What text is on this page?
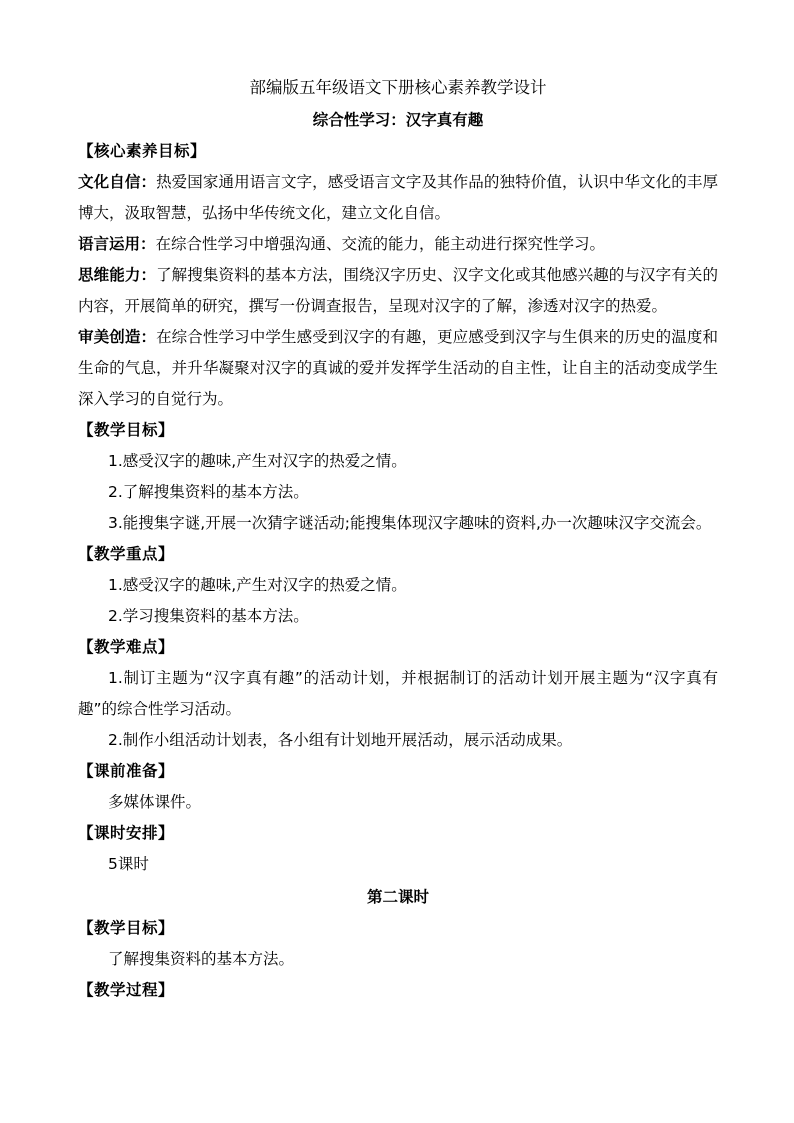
部编版五年级语文下册核心素养教学设计

综合性学习：汉字真有趣

【核心素养目标】

文化自信：热爱国家通用语言文字，感受语言文字及其作品的独特价值，认识中华文化的丰厚博大，汲取智慧，弘扬中华传统文化，建立文化自信。

语言运用：在综合性学习中增强沟通、交流的能力，能主动进行探究性学习。

思维能力：了解搜集资料的基本方法，围绕汉字历史、汉字文化或其他感兴趣的与汉字有关的内容，开展简单的研究，撰写一份调查报告，呈现对汉字的了解，渗透对汉字的热爱。

审美创造：在综合性学习中学生感受到汉字的有趣，更应感受到汉字与生俱来的历史的温度和生命的气息，并升华凝聚对汉字的真诚的爱并发挥学生活动的自主性，让自主的活动变成学生深入学习的自觉行为。

【教学目标】

1.感受汉字的趣味,产生对汉字的热爱之情。

2.了解搜集资料的基本方法。

3.能搜集字谜,开展一次猜字谜活动;能搜集体现汉字趣味的资料,办一次趣味汉字交流会。

【教学重点】

1.感受汉字的趣味,产生对汉字的热爱之情。

2.学习搜集资料的基本方法。

【教学难点】

1.制订主题为“汉字真有趣”的活动计划，并根据制订的活动计划开展主题为“汉字真有趣”的综合性学习活动。

2.制作小组活动计划表，各小组有计划地开展活动，展示活动成果。

【课前准备】

多媒体课件。

【课时安排】

5课时

第二课时

【教学目标】

了解搜集资料的基本方法。

【教学过程】
